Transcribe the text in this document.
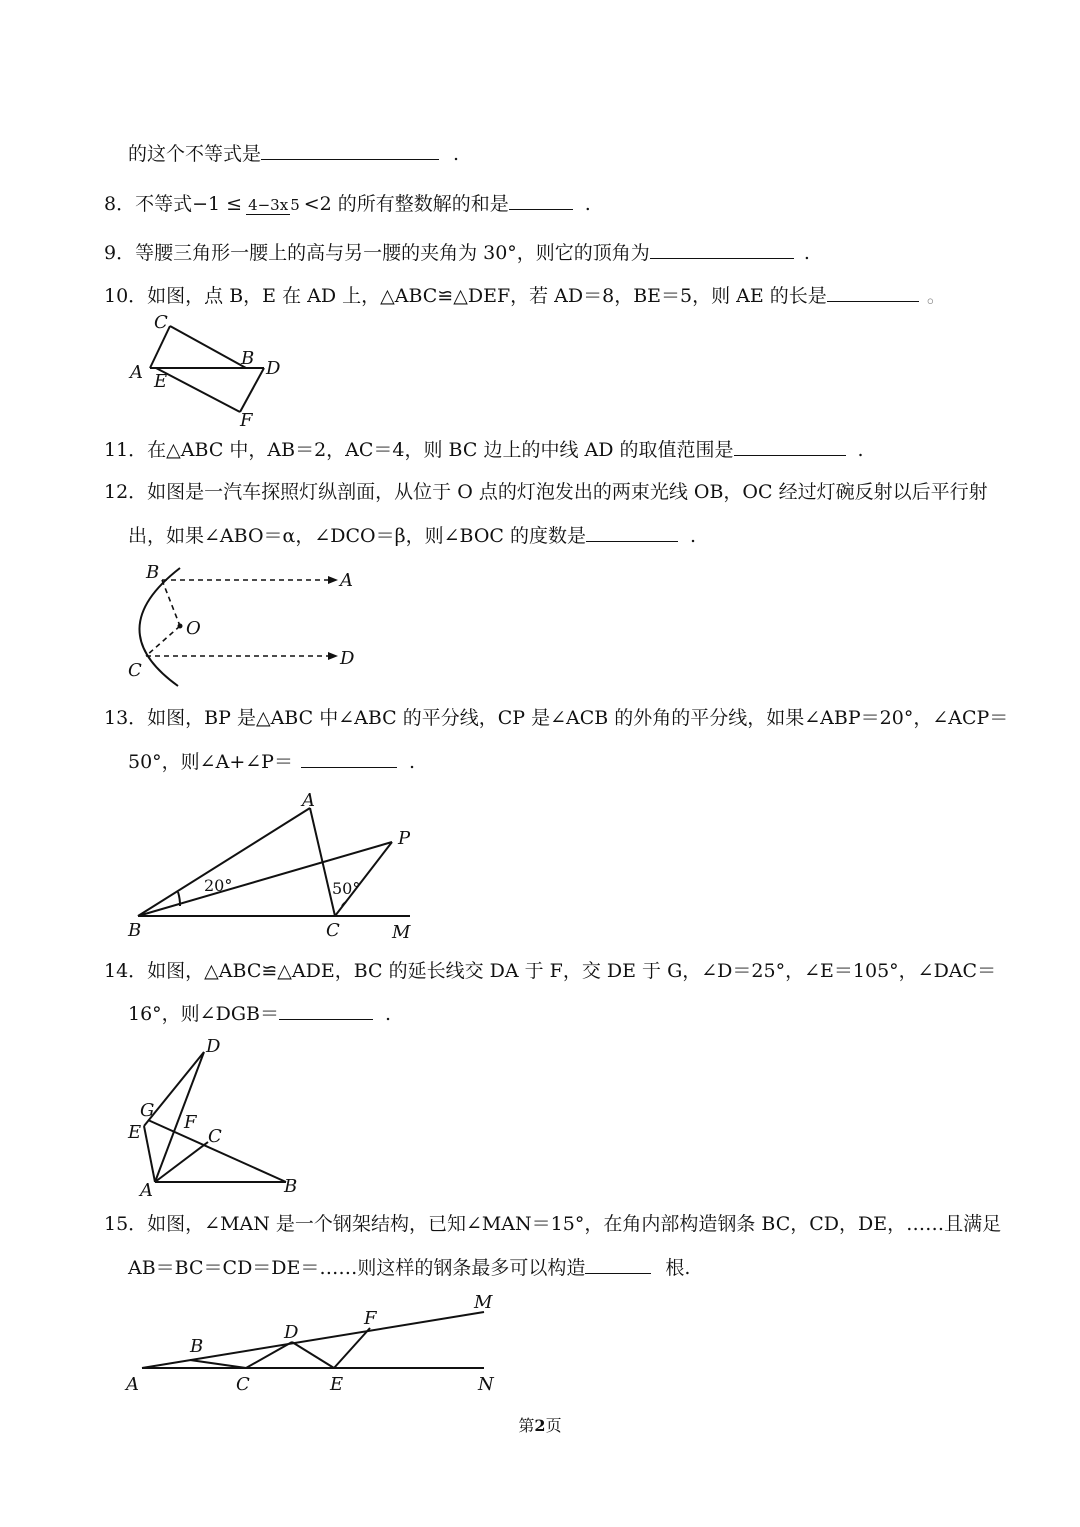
的这个不等式是	.
8．不等式−1 ≤ 4−3x 5 <2 的所有整数解的和是	.
9．等腰三角形一腰上的高与另一腰的夹角为 30°，则它的顶角为	.
10．如图，点 B，E 在 AD 上，△ABC≌△DEF，若 AD＝8，BE＝5，则 AE 的长是	。
C
A E
B D
F
11．在△ABC 中，AB＝2，AC＝4，则 BC 边上的中线 AD 的取值范围是	.
12．如图是一汽车探照灯纵剖面，从位于 O 点的灯泡发出的两束光线 OB，OC 经过灯碗反射以后平行射
出，如果∠ABO＝α，∠DCO＝β，则∠BOC 的度数是	.
B	A
O
C
D
13．如图，BP 是△ABC 中∠ABC 的平分线，CP 是∠ACB 的外角的平分线，如果∠ABP＝20°，∠ACP＝
50°，则∠A+∠P＝	.
A
P
B	C	M
20°	50°
14．如图，△ABC≌△ADE，BC 的延长线交 DA 于 F，交 DE 于 G，∠D＝25°，∠E＝105°，∠DAC＝
16°，则∠DGB＝	.
D
G
E F
C
A	B
15．如图，∠MAN 是一个钢架结构，已知∠MAN＝15°，在角内部构造钢条 BC，CD，DE，……且满足
AB＝BC＝CD＝DE＝……则这样的钢条最多可以构造	根.
A
B
C
D
E
F
M
N
第2页
